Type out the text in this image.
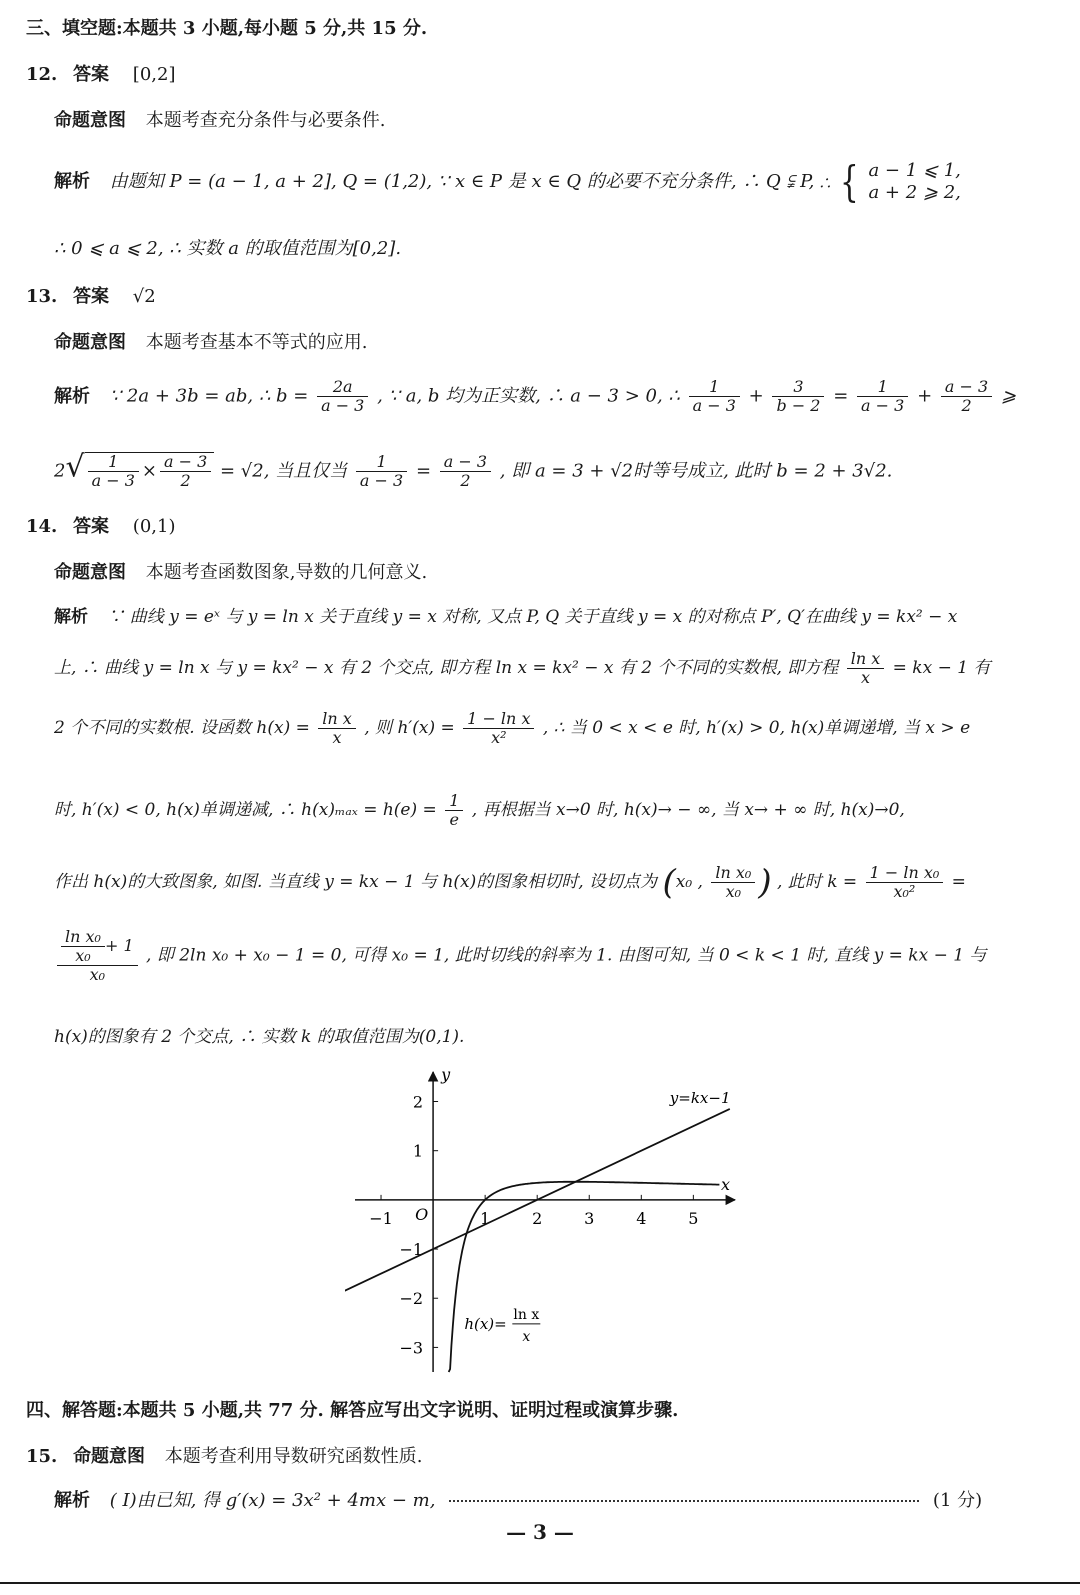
三、填空题:本题共 3 小题,每小题 5 分,共 15 分.
12. 答案 [0,2]
命题意图 本题考查充分条件与必要条件.
解析 由题知 P = (a − 1, a + 2], Q = (1,2), ∵ x ∈ P 是 x ∈ Q 的必要不充分条件, ∴ Q ⫋ P, ∴ { a − 1 ⩽ 1,
a + 2 ⩾ 2,
∴ 0 ⩽ a ⩽ 2, ∴ 实数 a 的取值范围为[0,2].
13. 答案 √2
命题意图 本题考查基本不等式的应用.
解析 ∵ 2a + 3b = ab, ∴ $b = \frac{2a}{a - 3}$ , ∵ a, b 均为正实数, ∴ a − 3 > 0, ∴ $\frac{1}{a - 3} + \frac{3}{b - 2} = \frac{1}{a - 3} + \frac{a - 3}{2}$ ⩾
$2√ \frac{1}{a - 3} \times \frac{a - 3}{2} = √2$, 当且仅当 $\frac{1}{a - 3} = \frac{a - 3}{2}$ , 即 a = 3 + √2时等号成立, 此时 b = 2 + 3√2.
14. 答案 (0,1)
命题意图 本题考查函数图象,导数的几何意义.
解析 ∵ 曲线 y = eˣ 与 y = ln x 关于直线 y = x 对称, 又点 P, Q 关于直线 y = x 的对称点 P′, Q′在曲线 y = kx² − x
上, ∴ 曲线 y = ln x 与 y = kx² − x 有 2 个交点, 即方程 ln x = kx² − x 有 2 个不同的实数根, 即方程 $\frac{\text{ln x}}{x}$ = kx − 1 有
2 个不同的实数根. 设函数 $h(x) = \frac{\text{ln x}}{x}$ , 则 $h'(x) = \frac{\text{1 − ln x}}{\text{x²}}$ , ∴ 当 0 < x < e 时, h′(x) > 0, h(x)单调递增, 当 x > e
时, h′(x) < 0, h(x)单调递减, ∴ $h(x)_{max} = h(e) = \frac{1}{e}$ , 再根据当 x→0 时, h(x)→ − ∞, 当 x→ + ∞ 时, h(x)→0,
作出 h(x)的大致图象, 如图. 当直线 y = kx − 1 与 h(x)的图象相切时, 设切点为 (x₀ , $\frac{\text{ln x₀}}{\text{x₀}}$ ) , 此时 $k = \frac{\text{1 − ln x₀}}{\text{x₀²}}$ =
$\frac{\frac{\text{ln x₀}}{\text{x₀}} + 1}{\text{x₀}}$ , 即 2ln x₀ + x₀ − 1 = 0, 可得 x₀ = 1, 此时切线的斜率为 1. 由图可知, 当 0 < k < 1 时, 直线 y = kx − 1 与
h(x)的图象有 2 个交点, ∴ 实数 k 的取值范围为(0,1).
−1	1	2	3	4	5
2
1
−1
−2
−3
x
y
O
y=kx−1
h(x)= ln x
x
四、解答题:本题共 5 小题,共 77 分. 解答应写出文字说明、证明过程或演算步骤.
15. 命题意图 本题考查利用导数研究函数性质.
解析 ( Ⅰ)由已知, 得 g′(x) = 3x² + 4mx − m,	(1 分)
— 3 —
